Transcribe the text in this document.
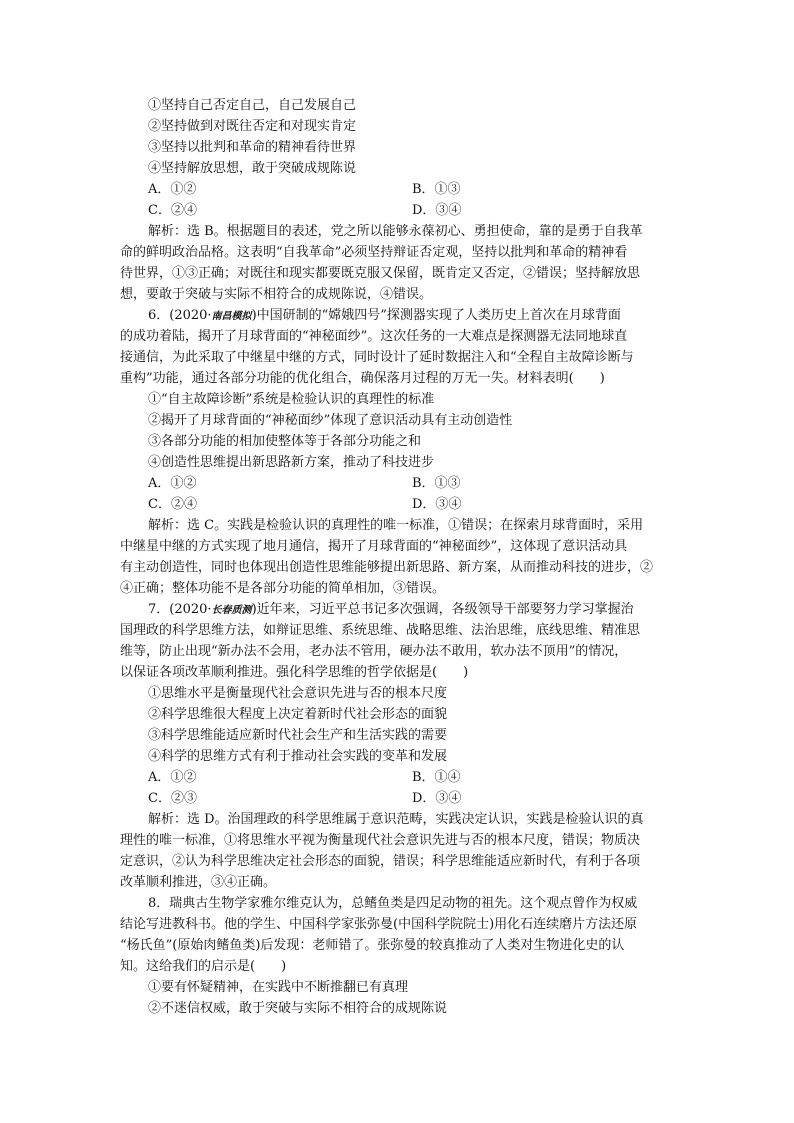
①坚持自己否定自己，自己发展自己
②坚持做到对既往否定和对现实肯定
③坚持以批判和革命的精神看待世界
④坚持解放思想，敢于突破成规陈说
A．①②	B．①③
C．②④	D．③④
解析：选 B。根据题目的表述，党之所以能够永葆初心、勇担使命，靠的是勇于自我革
命的鲜明政治品格。这表明“自我革命”必须坚持辩证否定观，坚持以批判和革命的精神看
待世界，①③正确；对既往和现实都要既克服又保留，既肯定又否定，②错误；坚持解放思
想，要敢于突破与实际不相符合的成规陈说，④错误。
6．(2020·南昌模拟)中国研制的“嫦娥四号”探测器实现了人类历史上首次在月球背面
的成功着陆，揭开了月球背面的“神秘面纱”。这次任务的一大难点是探测器无法同地球直
接通信，为此采取了中继星中继的方式，同时设计了延时数据注入和“全程自主故障诊断与
重构”功能，通过各部分功能的优化组合，确保落月过程的万无一失。材料表明(　　)
①“自主故障诊断”系统是检验认识的真理性的标准
②揭开了月球背面的“神秘面纱”体现了意识活动具有主动创造性
③各部分功能的相加使整体等于各部分功能之和
④创造性思维提出新思路新方案，推动了科技进步
A．①②	B．①③
C．②④	D．③④
解析：选 C。实践是检验认识的真理性的唯一标准，①错误；在探索月球背面时，采用
中继星中继的方式实现了地月通信，揭开了月球背面的“神秘面纱”，这体现了意识活动具
有主动创造性，同时也体现出创造性思维能够提出新思路、新方案，从而推动科技的进步，②
④正确；整体功能不是各部分功能的简单相加，③错误。
7．(2020·长春质测)近年来，习近平总书记多次强调，各级领导干部要努力学习掌握治
国理政的科学思维方法，如辩证思维、系统思维、战略思维、法治思维，底线思维、精准思
维等，防止出现“新办法不会用，老办法不管用，硬办法不敢用，软办法不顶用”的情况，
以保证各项改革顺利推进。强化科学思维的哲学依据是(　　)
①思维水平是衡量现代社会意识先进与否的根本尺度
②科学思维很大程度上决定着新时代社会形态的面貌
③科学思维能适应新时代社会生产和生活实践的需要
④科学的思维方式有利于推动社会实践的变革和发展
A．①②	B．①④
C．②③	D．③④
解析：选 D。治国理政的科学思维属于意识范畴，实践决定认识，实践是检验认识的真
理性的唯一标准，①将思维水平视为衡量现代社会意识先进与否的根本尺度，错误；物质决
定意识，②认为科学思维决定社会形态的面貌，错误；科学思维能适应新时代，有利于各项
改革顺利推进，③④正确。
8．瑞典古生物学家雅尔维克认为，总鳍鱼类是四足动物的祖先。这个观点曾作为权威
结论写进教科书。他的学生、中国科学家张弥曼(中国科学院院士)用化石连续磨片方法还原
“杨氏鱼”(原始肉鳍鱼类)后发现：老师错了。张弥曼的较真推动了人类对生物进化史的认
知。这给我们的启示是(　　)
①要有怀疑精神，在实践中不断推翻已有真理
②不迷信权威，敢于突破与实际不相符合的成规陈说
